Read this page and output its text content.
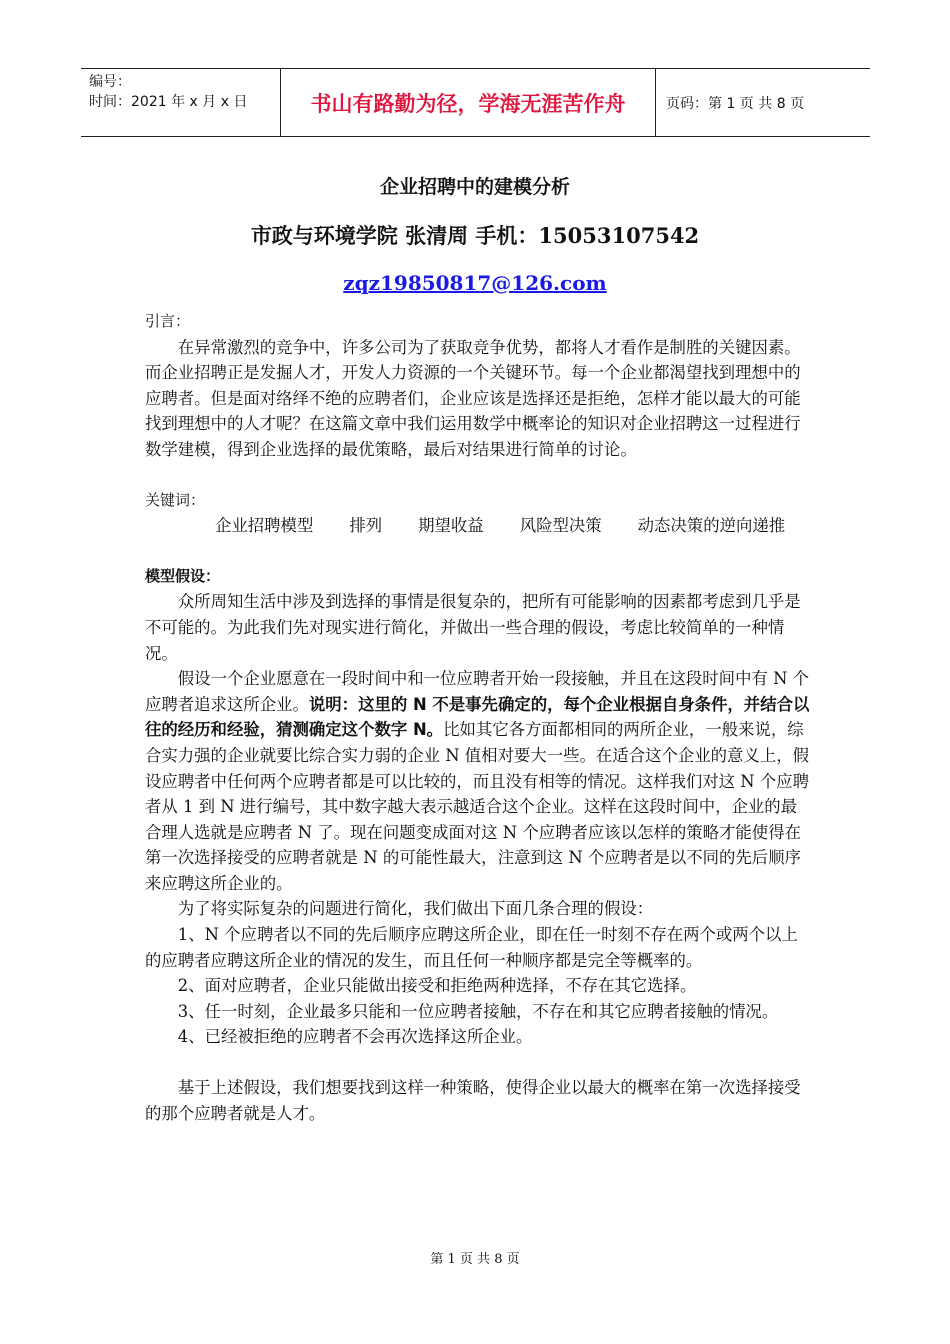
编号：
时间：2021 年 x 月 x 日	书山有路勤为径，学海无涯苦作舟	页码：第 1 页 共 8 页
企业招聘中的建模分析
市政与环境学院 张清周 手机：15053107542
zqz19850817@126.com

引言：

在异常激烈的竞争中，许多公司为了获取竞争优势，都将人才看作是制胜的关键因素。而企业招聘正是发掘人才，开发人力资源的一个关键环节。每一个企业都渴望找到理想中的应聘者。但是面对络绎不绝的应聘者们，企业应该是选择还是拒绝，怎样才能以最大的可能找到理想中的人才呢？在这篇文章中我们运用数学中概率论的知识对企业招聘这一过程进行数学建模，得到企业选择的最优策略，最后对结果进行简单的讨论。

关键词：

企业招聘模型 排列 期望收益 风险型决策 动态决策的逆向递推

模型假设：

众所周知生活中涉及到选择的事情是很复杂的，把所有可能影响的因素都考虑到几乎是不可能的。为此我们先对现实进行简化，并做出一些合理的假设，考虑比较简单的一种情况。

假设一个企业愿意在一段时间中和一位应聘者开始一段接触，并且在这段时间中有 N 个应聘者追求这所企业。说明：这里的 N 不是事先确定的，每个企业根据自身条件，并结合以往的经历和经验，猜测确定这个数字 N。比如其它各方面都相同的两所企业，一般来说，综合实力强的企业就要比综合实力弱的企业 N 值相对要大一些。在适合这个企业的意义上，假设应聘者中任何两个应聘者都是可以比较的，而且没有相等的情况。这样我们对这 N 个应聘者从 1 到 N 进行编号，其中数字越大表示越适合这个企业。这样在这段时间中，企业的最合理人选就是应聘者 N 了。现在问题变成面对这 N 个应聘者应该以怎样的策略才能使得在第一次选择接受的应聘者就是 N 的可能性最大，注意到这 N 个应聘者是以不同的先后顺序来应聘这所企业的。

为了将实际复杂的问题进行简化，我们做出下面几条合理的假设：

1、N 个应聘者以不同的先后顺序应聘这所企业，即在任一时刻不存在两个或两个以上的应聘者应聘这所企业的情况的发生，而且任何一种顺序都是完全等概率的。

2、面对应聘者，企业只能做出接受和拒绝两种选择，不存在其它选择。

3、任一时刻，企业最多只能和一位应聘者接触，不存在和其它应聘者接触的情况。

4、已经被拒绝的应聘者不会再次选择这所企业。

基于上述假设，我们想要找到这样一种策略，使得企业以最大的概率在第一次选择接受的那个应聘者就是人才。

第 1 页 共 8 页
